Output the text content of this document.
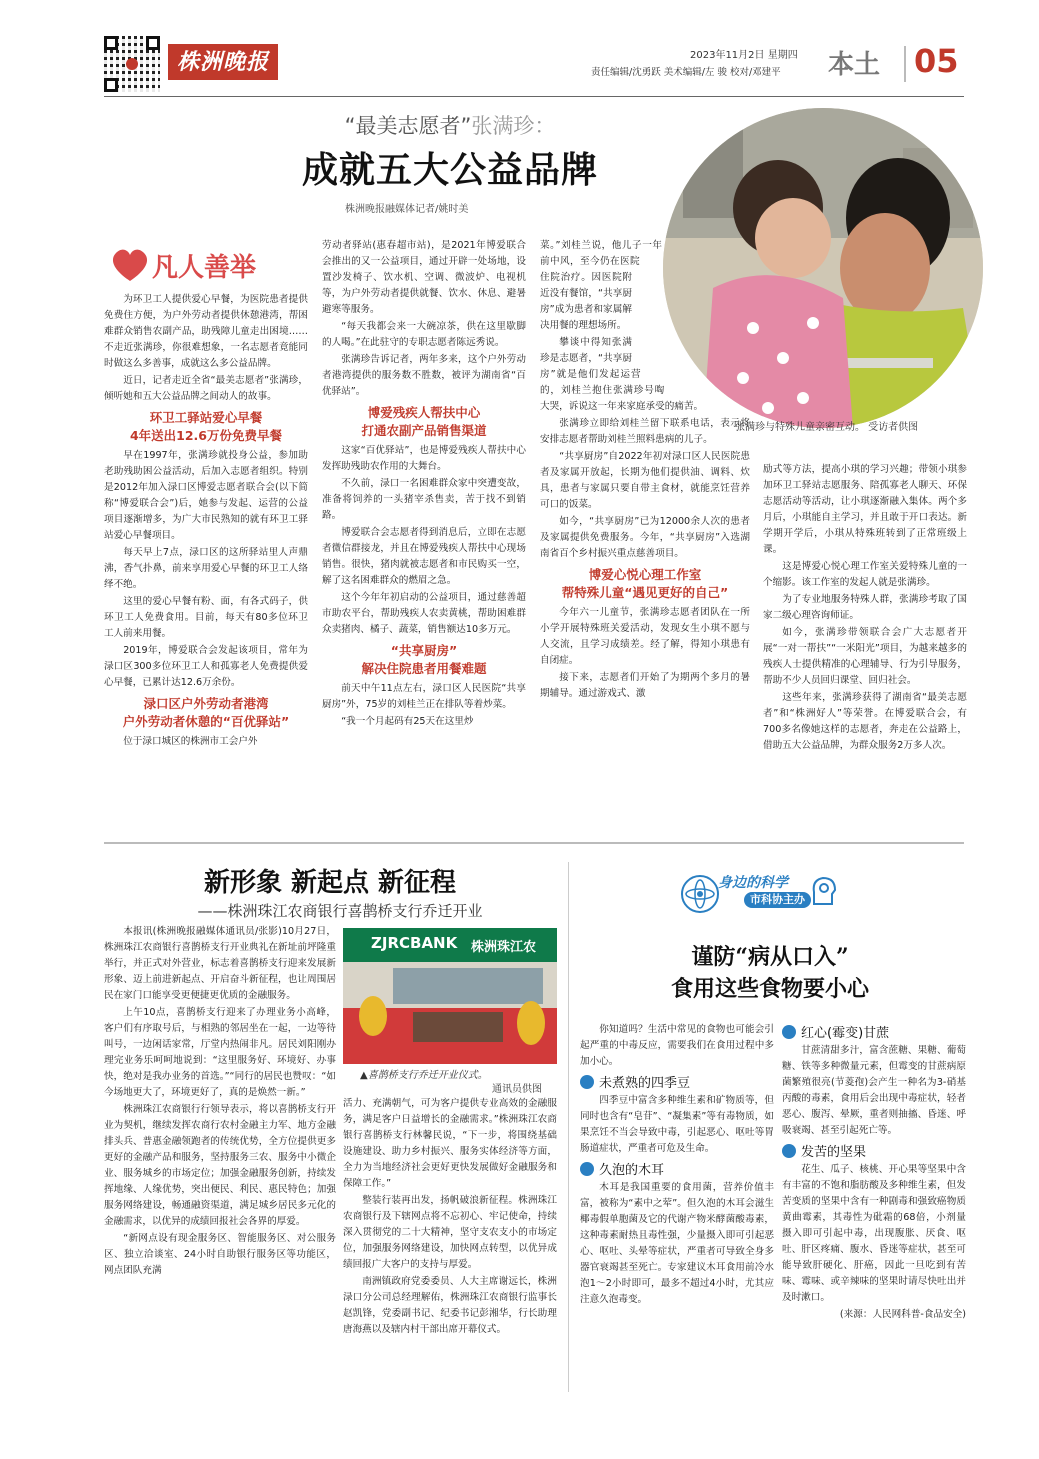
株洲晚报	2023年11月2日 星期四
责任编辑/沈勇跃 美术编辑/左 骏 校对/邓建平	本土 05
“最美志愿者”张满珍：
成就五大公益品牌
株洲晚报融媒体记者/姚时美
张满珍与特殊儿童亲密互动。 受访者供图
凡人善举

为环卫工人提供爱心早餐，为医院患者提供免费住方便，为户外劳动者提供休憩港湾，帮困难群众销售农副产品，助残障儿童走出困境……不走近张满珍，你很难想象，一名志愿者竟能同时做这么多善事，成就这么多公益品牌。

近日，记者走近全省“最美志愿者”张满珍，倾听她和五大公益品牌之间动人的故事。

环卫工驿站爱心早餐
4年送出12.6万份免费早餐

早在1997年，张满珍就投身公益，参加助老助残助困公益活动，后加入志愿者组织。特别是2012年加入渌口区博爱志愿者联合会(以下简称“博爱联合会”)后，她参与发起、运营的公益项目逐渐增多，为广大市民熟知的就有环卫工驿站爱心早餐项目。

每天早上7点，渌口区的这所驿站里人声鼎沸，香气扑鼻，前来享用爱心早餐的环卫工人络绎不绝。

这里的爱心早餐有粉、面，有各式码子，供环卫工人免费食用。目前，每天有80多位环卫工人前来用餐。

2019年，博爱联合会发起该项目，常年为渌口区300多位环卫工人和孤寡老人免费提供爱心早餐，已累计达12.6万余份。

渌口区户外劳动者港湾
户外劳动者休憩的“百优驿站”

位于渌口城区的株洲市工会户外

劳动者驿站(惠春超市站)，是2021年博爱联合会推出的又一公益项目，通过开辟一处场地，设置沙发椅子、饮水机、空调、微波炉、电视机等，为户外劳动者提供就餐、饮水、休息、避暑避寒等服务。

“每天我都会来一大碗凉茶，供在这里歇脚的人喝。”在此驻守的专职志愿者陈远秀说。

张满珍告诉记者，两年多来，这个户外劳动者港湾提供的服务数不胜数，被评为湖南省“百优驿站”。

博爱残疾人帮扶中心
打通农副产品销售渠道

这家“百优驿站”，也是博爱残疾人帮扶中心发挥助残助农作用的大舞台。

不久前，渌口一名困难群众家中突遭变故，准备将饲养的一头猪宰杀售卖，苦于找不到销路。

博爱联合会志愿者得到消息后，立即在志愿者微信群接龙，并且在博爱残疾人帮扶中心现场销售。很快，猪肉就被志愿者和市民购买一空，解了这名困难群众的燃眉之急。

这个今年年初启动的公益项目，通过慈善超市助农平台，帮助残疾人农卖黄桃，帮助困难群众卖猪肉、橘子、蔬菜，销售额达10多万元。

“共享厨房”
解决住院患者用餐难题

前天中午11点左右，渌口区人民医院“共享厨房”外，75岁的刘桂兰正在排队等着炒菜。

“我一个月起码有25天在这里炒

菜。”刘桂兰说，他儿子一年前中风，至今仍在医院住院治疗。因医院附近没有餐馆，“共享厨房”成为患者和家属解决用餐的理想场所。

攀谈中得知张满珍是志愿者，“共享厨房”就是他们发起运营的，刘桂兰抱住张满珍号啕大哭，诉说这一年来家庭承受的痛苦。

张满珍立即给刘桂兰留下联系电话，表示将安排志愿者帮助刘桂兰照料患病的儿子。

“共享厨房”自2022年初对渌口区人民医院患者及家属开放起，长期为他们提供油、调料、炊具，患者与家属只要自带主食材，就能烹饪营养可口的饭菜。

如今，“共享厨房”已为12000余人次的患者及家属提供免费服务。今年，“共享厨房”入选湖南省百个乡村振兴重点慈善项目。

博爱心悦心理工作室
帮特殊儿童“遇见更好的自己”

今年六一儿童节，张满珍志愿者团队在一所小学开展特殊班关爱活动，发现女生小琪不愿与人交流，且学习成绩差。经了解，得知小琪患有自闭症。

接下来，志愿者们开始了为期两个多月的暑期辅导。通过游戏式、激

励式等方法，提高小琪的学习兴趣；带领小琪参加环卫工驿站志愿服务、陪孤寡老人聊天、环保志愿活动等活动，让小琪逐渐融入集体。两个多月后，小琪能自主学习，并且敢于开口表达。新学期开学后，小琪从特殊班转到了正常班级上课。

这是博爱心悦心理工作室关爱特殊儿童的一个缩影。该工作室的发起人就是张满珍。

为了专业地服务特殊人群，张满珍考取了国家二级心理咨询师证。

如今，张满珍带领联合会广大志愿者开展“一对一帮扶”“一米阳光”项目，为越来越多的残疾人士提供精准的心理辅导、行为引导服务，帮助不少人员回归课堂、回归社会。

这些年来，张满珍获得了湖南省“最美志愿者”和“株洲好人”等荣誉。在博爱联合会，有700多名像她这样的志愿者，奔走在公益路上，借助五大公益品牌，为群众服务2万多人次。

新形象 新起点 新征程
——株洲珠江农商银行喜鹊桥支行乔迁开业

本报讯(株洲晚报融媒体通讯员/张影)10月27日，株洲珠江农商银行喜鹊桥支行开业典礼在新址前坪隆重举行，并正式对外营业，标志着喜鹊桥支行迎来发展新形象、迈上前进新起点、开启奋斗新征程，也让周围居民在家门口能享受更便捷更优质的金融服务。

上午10点，喜鹊桥支行迎来了办理业务小高峰，客户们有序取号后，与相熟的邻居坐在一起，一边等待叫号，一边闲话家常，厅堂内热闹非凡。居民刘阳刚办理完业务乐呵呵地说到：“这里服务好、环境好、办事快，绝对是我办业务的首选。”“同行的居民也赞叹：“如今场地更大了，环境更好了，真的是焕然一新。”

株洲珠江农商银行行领导表示，将以喜鹊桥支行开业为契机，继续发挥农商行农村金融主力军、地方金融排头兵、普惠金融领跑者的传统优势，全方位提供更多更好的金融产品和服务，坚持服务三农、服务中小微企业、服务城乡的市场定位；加强金融服务创新，持续发挥地缘、人缘优势，突出便民、利民、惠民特色；加强服务网络建设，畅通融资渠道，满足城乡居民多元化的金融需求，以优异的成绩回报社会各界的厚爱。

“新网点设有现金服务区、智能服务区、对公服务区、独立洽谈室、24小时自助银行服务区等功能区，网点团队充满

ZJRCBANK 株洲珠江农
▲喜鹊桥支行乔迁开业仪式。
通讯员供图

活力、充满朝气，可为客户提供专业高效的金融服务，满足客户日益增长的金融需求。”株洲珠江农商银行喜鹊桥支行林馨民说，“下一步，将围绕基础设施建设、助力乡村振兴、服务实体经济等方面，全力为当地经济社会更好更快发展做好金融服务和保障工作。”

整装行装再出发，扬帆破浪新征程。株洲珠江农商银行及下辖网点将不忘初心、牢记使命，持续深入贯彻党的二十大精神，坚守支农支小的市场定位，加强服务网络建设，加快网点转型，以优异成绩回报广大客户的支持与厚爱。

南洲镇政府党委委员、人大主席谢远长，株洲渌口分公司总经理解佑，株洲珠江农商银行监事长赵凯锋，党委副书记、纪委书记彭湘华，行长助理唐海燕以及辖内村干部出席开幕仪式。

身边的科学
市科协主办
谨防“病从口入”
食用这些食物要小心

你知道吗？生活中常见的食物也可能会引起严重的中毒反应，需要我们在食用过程中多加小心。

未煮熟的四季豆

四季豆中富含多种维生素和矿物质等，但同时也含有“皂苷”、“凝集素”等有毒物质，如果烹饪不当会导致中毒，引起恶心、呕吐等胃肠道症状，严重者可危及生命。

久泡的木耳

木耳是我国重要的食用菌，营养价值丰富，被称为“素中之荤”。但久泡的木耳会滋生椰毒假单胞菌及它的代谢产物米酵菌酸毒素，这种毒素耐热且毒性强，少量摄入即可引起恶心、呕吐、头晕等症状，严重者可导致全身多器官衰竭甚至死亡。专家建议木耳食用前冷水泡1～2小时即可，最多不超过4小时，尤其应注意久泡毒变。

红心(霉变)甘蔗

甘蔗清甜多汁，富含蔗糖、果糖、葡萄糖、铁等多种微量元素，但霉变的甘蔗病原菌繁殖很亮(节菱孢)会产生一种名为3-硝基丙酸的毒素，食用后会出现中毒症状，轻者恶心、腹泻、晕厥，重者则抽搐、昏迷、呼吸衰竭、甚至引起死亡等。

发苦的坚果

花生、瓜子、核桃、开心果等坚果中含有丰富的不饱和脂肪酸及多种维生素，但发苦变质的坚果中含有一种剧毒和强致癌物质黄曲霉素，其毒性为砒霜的68倍，小剂量摄入即可引起中毒，出现腹胀、厌食、呕吐、肝区疼痛、腹水、昏迷等症状，甚至可能导致肝硬化、肝癌，因此一旦吃到有苦味、霉味、或辛辣味的坚果时请尽快吐出并及时漱口。

(来源：人民网科普-食品安全)
